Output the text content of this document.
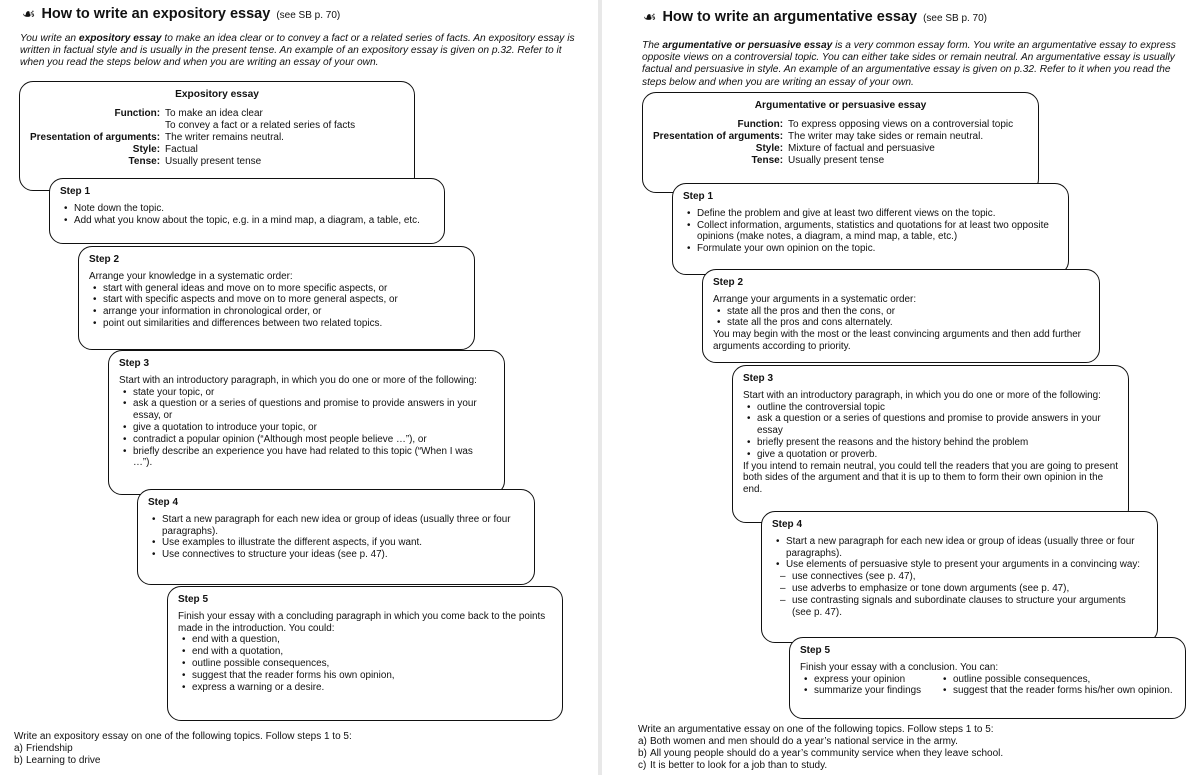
☙ How to write an expository essay (see SB p. 70)
You write an expository essay to make an idea clear or to convey a fact or a related series of facts. An expository essay is written in factual style and is usually in the present tense. An example of an expository essay is given on p.32. Refer to it when you read the steps below and when you are writing an essay of your own.
Expository essay
Function:	To make an idea clear
	To convey a fact or a related series of facts
Presentation of arguments:	The writer remains neutral.
Style:	Factual
Tense:	Usually present tense
Step 1
• Note down the topic.
• Add what you know about the topic, e.g. in a mind map, a diagram, a table, etc.
Step 2

Arrange your knowledge in a systematic order:

• start with general ideas and move on to more specific aspects, or
• start with specific aspects and move on to more general aspects, or
• arrange your information in chronological order, or
• point out similarities and differences between two related topics.
Step 3

Start with an introductory paragraph, in which you do one or more of the following:

• state your topic, or
• ask a question or a series of questions and promise to provide answers in your essay, or
• give a quotation to introduce your topic, or
• contradict a popular opinion (“Although most people believe …”), or
• briefly describe an experience you have had related to this topic (“When I was …”).
Step 4
• Start a new paragraph for each new idea or group of ideas (usually three or four paragraphs).
• Use examples to illustrate the different aspects, if you want.
• Use connectives to structure your ideas (see p. 47).
Step 5

Finish your essay with a concluding paragraph in which you come back to the points made in the introduction. You could:

• end with a question,
• end with a quotation,
• outline possible consequences,
• suggest that the reader forms his own opinion,
• express a warning or a desire.
Write an expository essay on one of the following topics. Follow steps 1 to 5:
a) Friendship
b) Learning to drive
☙ How to write an argumentative essay (see SB p. 70)
The argumentative or persuasive essay is a very common essay form. You write an argumentative essay to express opposite views on a controversial topic. You can either take sides or remain neutral. An argumentative essay is usually factual and persuasive in style. An example of an argumentative essay is given on p.32. Refer to it when you read the steps below and when you are writing an essay of your own.
Argumentative or persuasive essay
Function:	To express opposing views on a controversial topic
Presentation of arguments:	The writer may take sides or remain neutral.
Style:	Mixture of factual and persuasive
Tense:	Usually present tense
Step 1
• Define the problem and give at least two different views on the topic.
• Collect information, arguments, statistics and quotations for at least two opposite opinions (make notes, a diagram, a mind map, a table, etc.)
• Formulate your own opinion on the topic.
Step 2

Arrange your arguments in a systematic order:

• state all the pros and then the cons, or
• state all the pros and cons alternately.

You may begin with the most or the least convincing arguments and then add further arguments according to priority.

Step 3

Start with an introductory paragraph, in which you do one or more of the following:

• outline the controversial topic
• ask a question or a series of questions and promise to provide answers in your essay
• briefly present the reasons and the history behind the problem
• give a quotation or proverb.

If you intend to remain neutral, you could tell the readers that you are going to present both sides of the argument and that it is up to them to form their own opinion in the end.

Step 4
• Start a new paragraph for each new idea or group of ideas (usually three or four paragraphs).
• Use elements of persuasive style to present your arguments in a convincing way:
– use connectives (see p. 47),
– use adverbs to emphasize or tone down arguments (see p. 47),
– use contrasting signals and subordinate clauses to structure your arguments (see p. 47).
Step 5

Finish your essay with a conclusion. You can:

• express your opinion
• summarize your findings
• outline possible consequences,
• suggest that the reader forms his/her own opinion.
Write an argumentative essay on one of the following topics. Follow steps 1 to 5:
a) Both women and men should do a year’s national service in the army.
b) All young people should do a year’s community service when they leave school.
c) It is better to look for a job than to study.
